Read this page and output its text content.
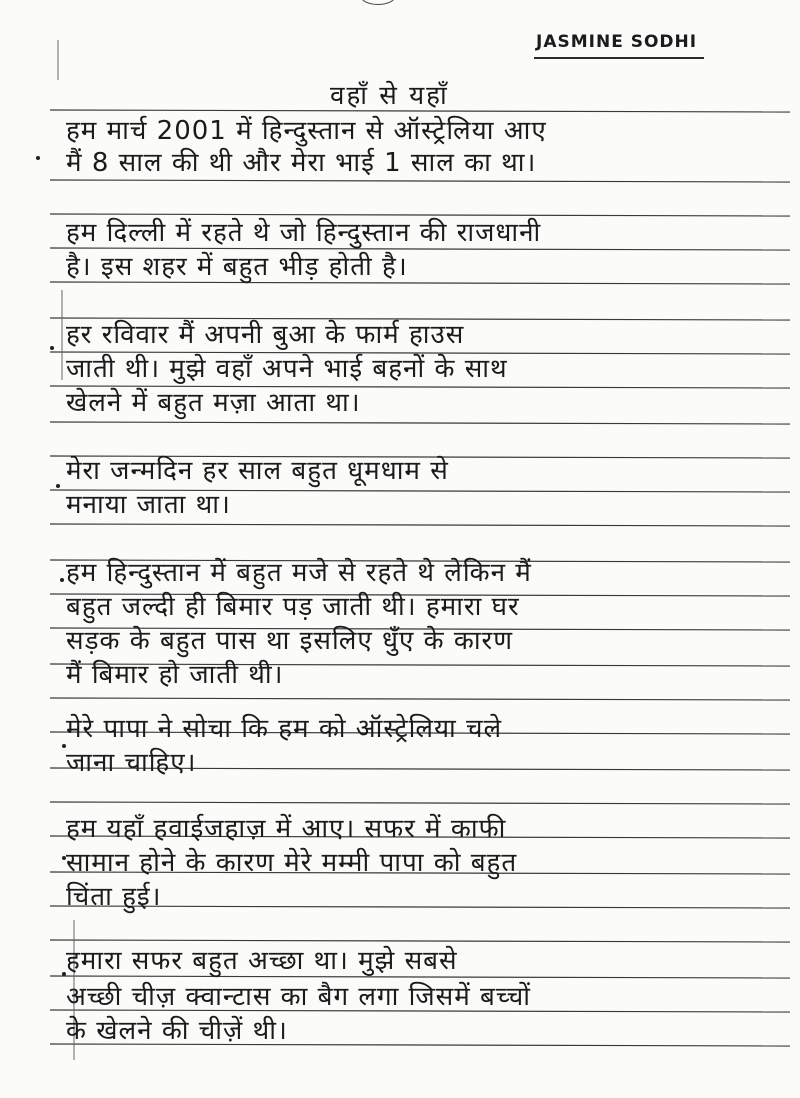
JASMINE SODHI
वहाँ से यहाँ
हम मार्च 2001 में हिन्दुस्तान से ऑस्ट्रेलिया आए
मैं 8 साल की थी और मेरा भाई 1 साल का था।
हम दिल्ली में रहते थे जो हिन्दुस्तान की राजधानी
है। इस शहर में बहुत भीड़ होती है।
हर रविवार मैं अपनी बुआ के फार्म हाउस
जाती थी। मुझे वहाँ अपने भाई बहनों के साथ
खेलने में बहुत मज़ा आता था।
मेरा जन्मदिन हर साल बहुत धूमधाम से
मनाया जाता था।
हम हिन्दुस्तान में बहुत मजे से रहते थे लेकिन मैं
बहुत जल्दी ही बिमार पड़ जाती थी। हमारा घर
सड़क के बहुत पास था इसलिए धुँए के कारण
मैं बिमार हो जाती थी।
मेरे पापा ने सोचा कि हम को ऑस्ट्रेलिया चले
जाना चाहिए।
हम यहाँ हवाईजहाज़ में आए। सफर में काफी
सामान होने के कारण मेरे मम्मी पापा को बहुत
चिंता हुई।
हमारा सफर बहुत अच्छा था। मुझे सबसे
अच्छी चीज़ क्वान्टास का बैग लगा जिसमें बच्चों
के खेलने की चीज़ें थी।
